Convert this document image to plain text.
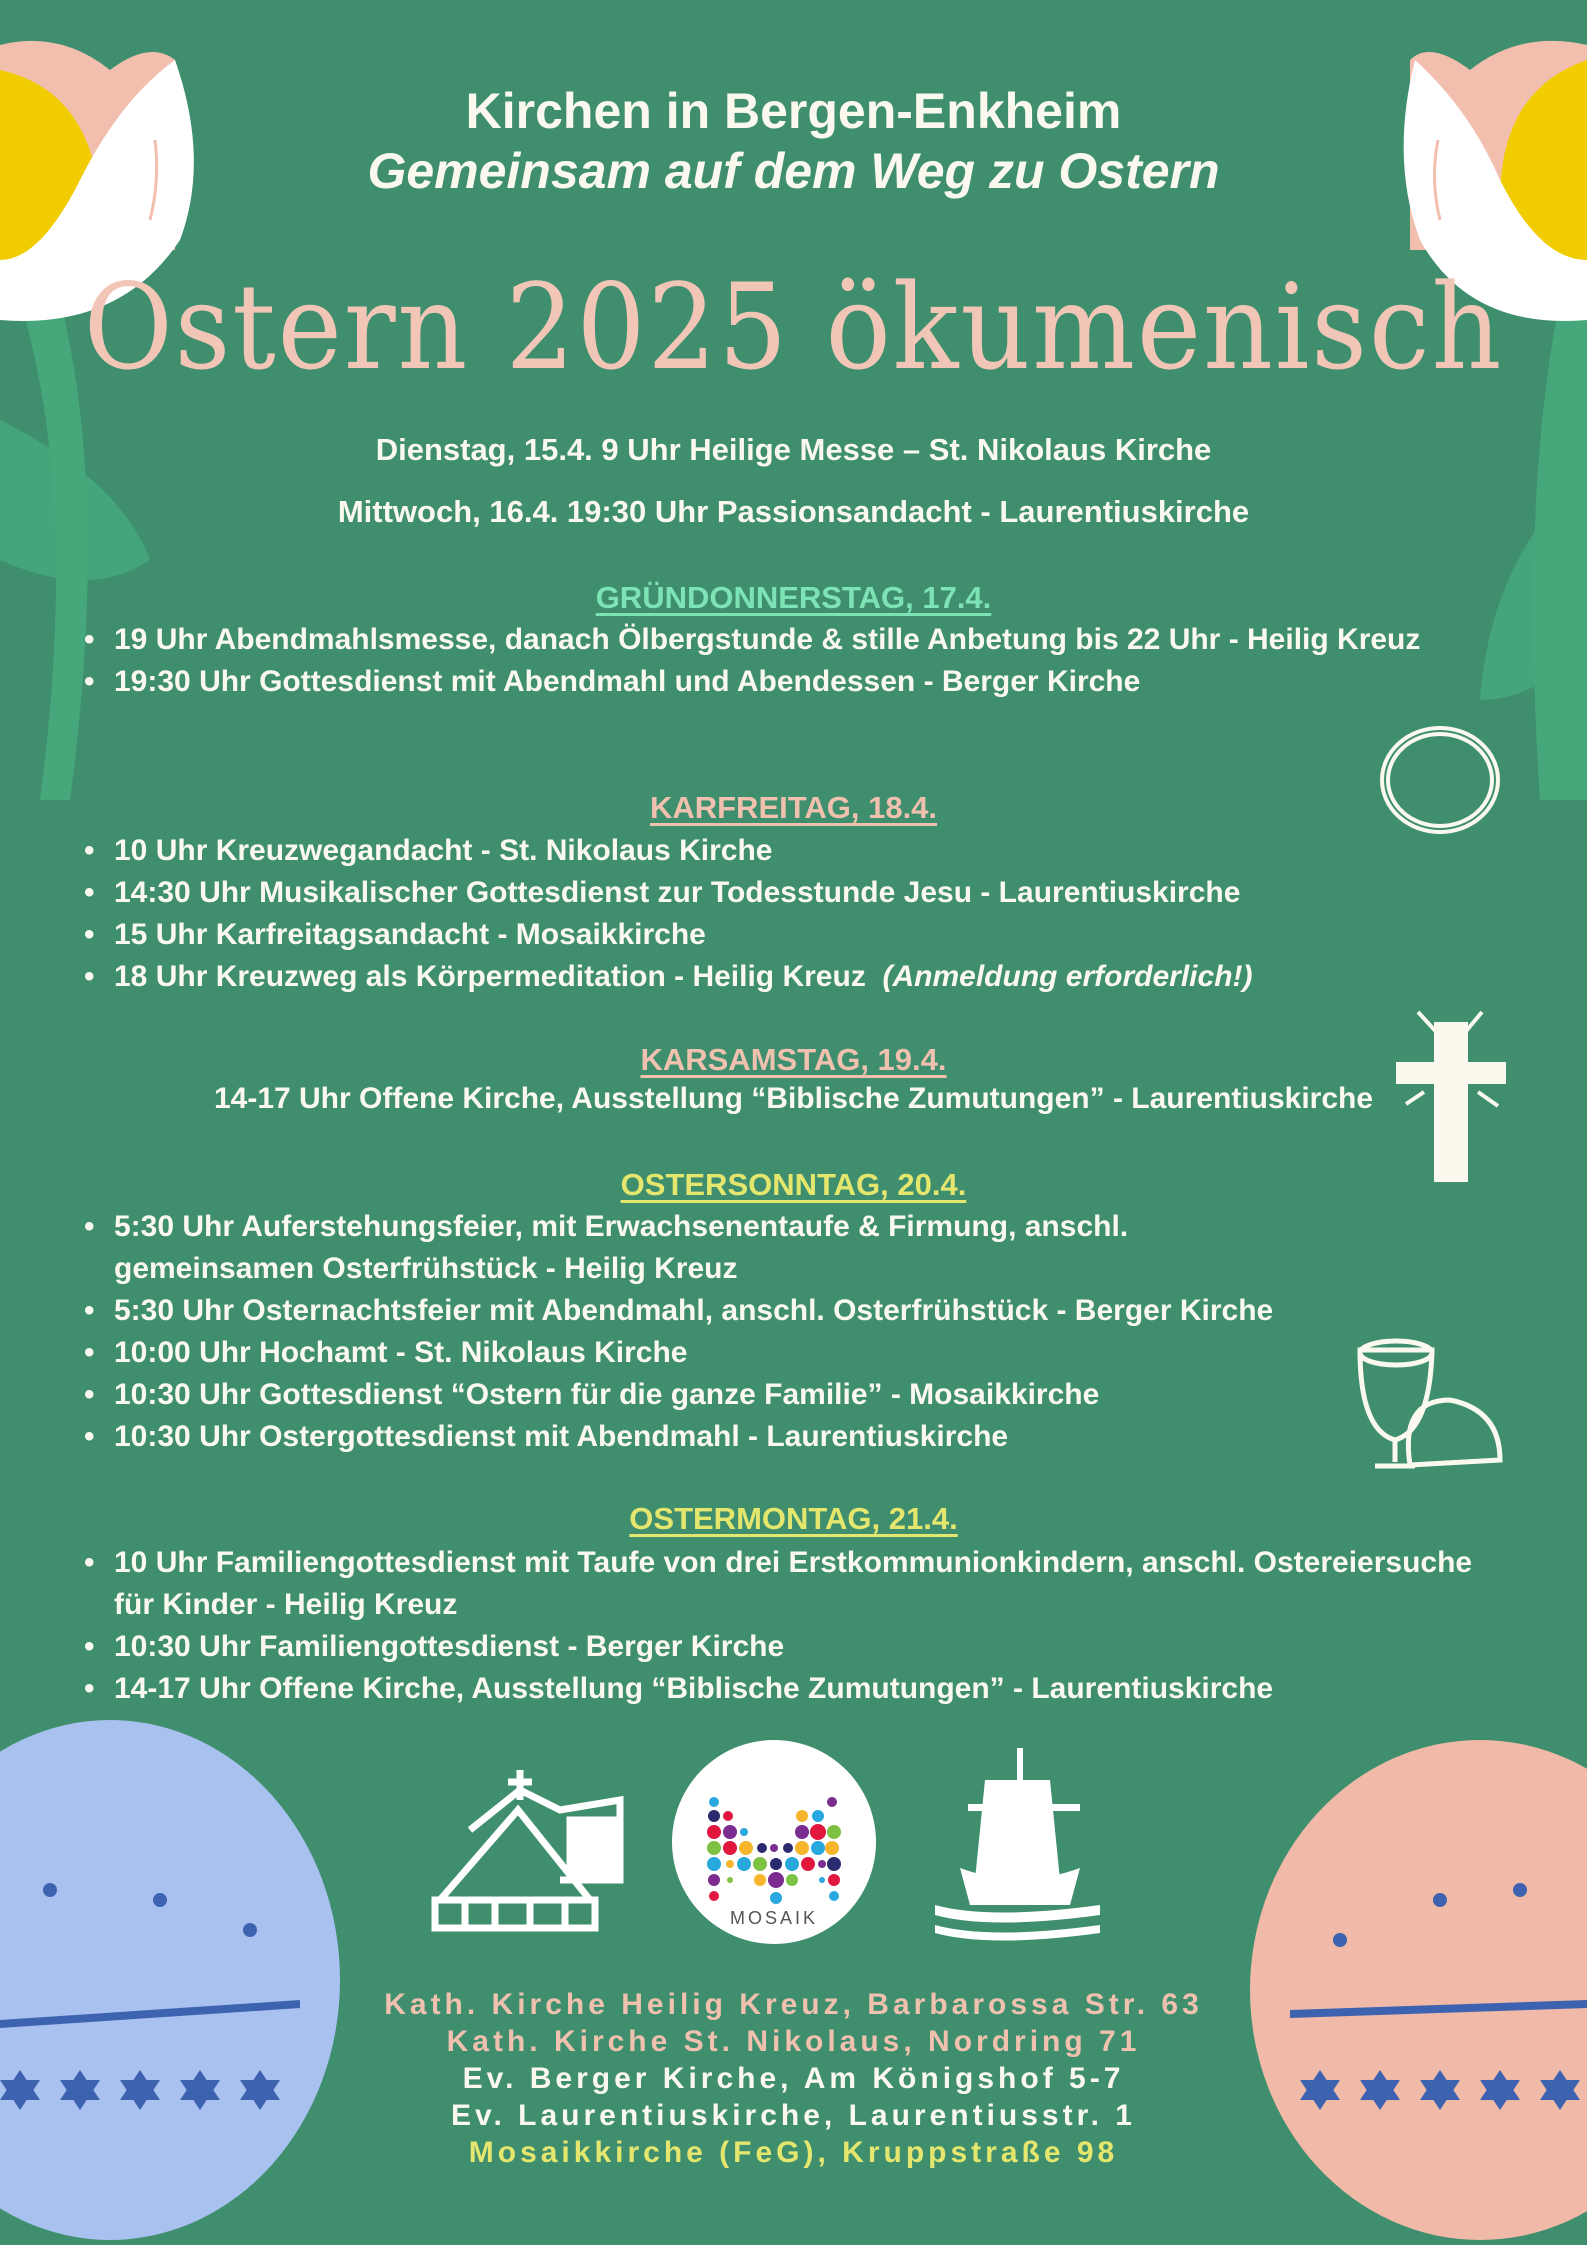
Kirchen in Bergen-Enkheim
Gemeinsam auf dem Weg zu Ostern
Ostern 2025 ökumenisch
Dienstag, 15.4. 9 Uhr Heilige Messe – St. Nikolaus Kirche
Mittwoch, 16.4. 19:30 Uhr Passionsandacht - Laurentiuskirche
GRÜNDONNERSTAG, 17.4.
• 19 Uhr Abendmahlsmesse, danach Ölbergstunde & stille Anbetung bis 22 Uhr - Heilig Kreuz
• 19:30 Uhr Gottesdienst mit Abendmahl und Abendessen - Berger Kirche
KARFREITAG, 18.4.
• 10 Uhr Kreuzwegandacht - St. Nikolaus Kirche
• 14:30 Uhr Musikalischer Gottesdienst zur Todesstunde Jesu - Laurentiuskirche
• 15 Uhr Karfreitagsandacht - Mosaikkirche
• 18 Uhr Kreuzweg als Körpermeditation - Heilig Kreuz (Anmeldung erforderlich!)
KARSAMSTAG, 19.4.
14-17 Uhr Offene Kirche, Ausstellung “Biblische Zumutungen” - Laurentiuskirche
OSTERSONNTAG, 20.4.
• 5:30 Uhr Auferstehungsfeier, mit Erwachsenentaufe & Firmung, anschl. gemeinsamen Osterfrühstück - Heilig Kreuz
• 5:30 Uhr Osternachtsfeier mit Abendmahl, anschl. Osterfrühstück - Berger Kirche
• 10:00 Uhr Hochamt - St. Nikolaus Kirche
• 10:30 Uhr Gottesdienst “Ostern für die ganze Familie” - Mosaikkirche
• 10:30 Uhr Ostergottesdienst mit Abendmahl - Laurentiuskirche
OSTERMONTAG, 21.4.
• 10 Uhr Familiengottesdienst mit Taufe von drei Erstkommunionkindern, anschl. Ostereiersuche für Kinder - Heilig Kreuz
• 10:30 Uhr Familiengottesdienst - Berger Kirche
• 14-17 Uhr Offene Kirche, Ausstellung “Biblische Zumutungen” - Laurentiuskirche
MOSAIK
Kath. Kirche Heilig Kreuz, Barbarossa Str. 63
Kath. Kirche St. Nikolaus, Nordring 71
Ev. Berger Kirche, Am Königshof 5-7
Ev. Laurentiuskirche, Laurentiusstr. 1
Mosaikkirche (FeG), Kruppstraße 98
